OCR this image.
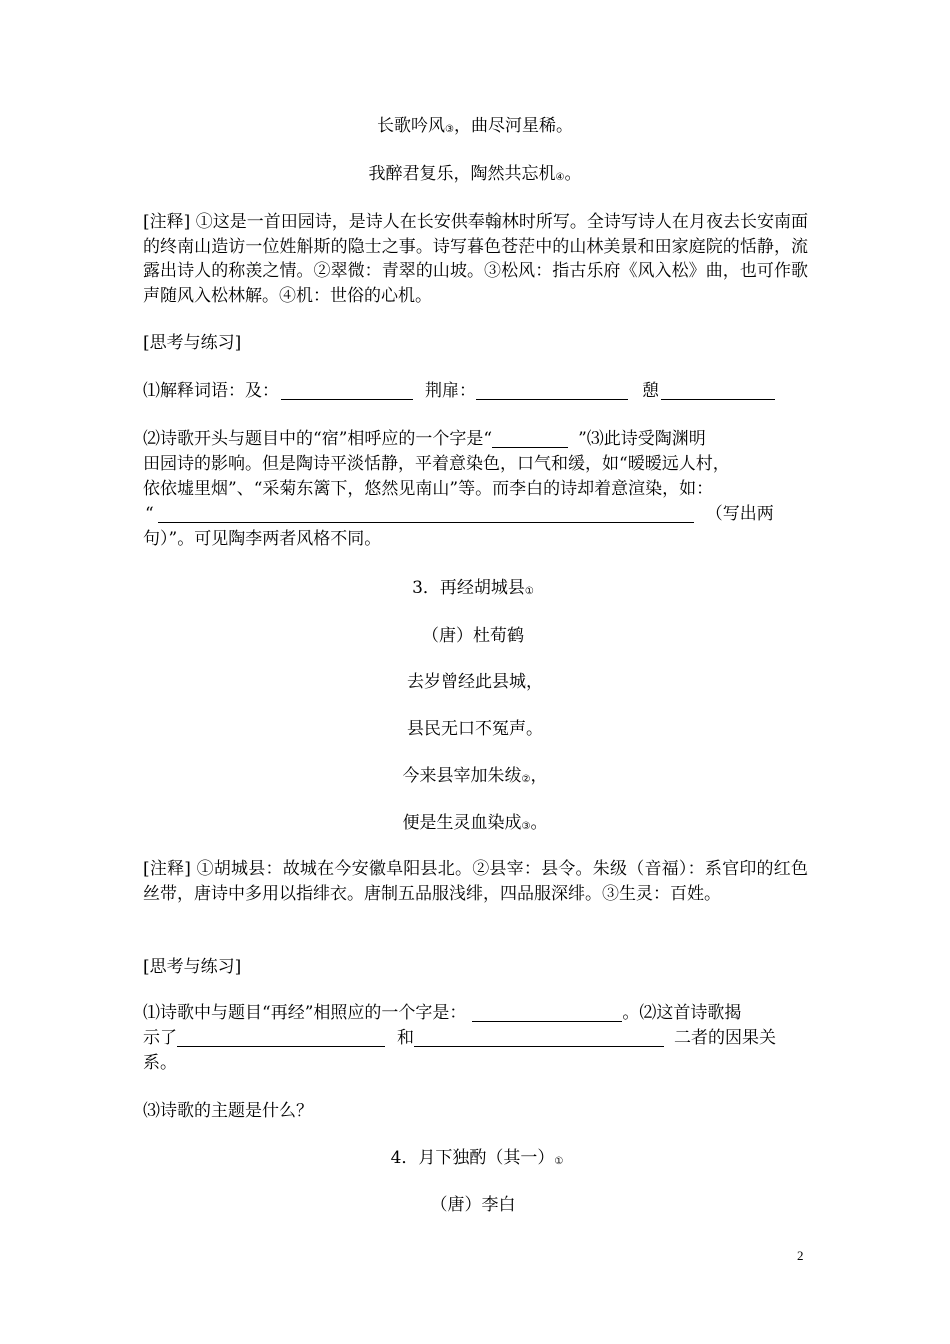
长歌吟风③，曲尽河星稀。
我醉君复乐，陶然共忘机④。
[注释] ①这是一首田园诗，是诗人在长安供奉翰林时所写。全诗写诗人在月夜去长安南面的终南山造访一位姓斛斯的隐士之事。诗写暮色苍茫中的山林美景和田家庭院的恬静，流露出诗人的称羡之情。②翠微：青翠的山坡。③松风：指古乐府《风入松》曲，也可作歌声随风入松林解。④机：世俗的心机。
[思考与练习]
⑴解释词语：及：	荆扉：	憩
⑵诗歌开头与题目中的“宿”相呼应的一个字是“	”⑶此诗受陶渊明
田园诗的影响。但是陶诗平淡恬静，平着意染色，口气和缓，如“暧暧远人村，
依依墟里烟”、“采菊东篱下，悠然见南山”等。而李白的诗却着意渲染，如：
“	（写出两
句）”。可见陶李两者风格不同。
3．再经胡城县①
（唐）杜荀鹤
去岁曾经此县城，
县民无口不冤声。
今来县宰加朱绂②，
便是生灵血染成③。
[注释] ①胡城县：故城在今安徽阜阳县北。②县宰：县令。朱级（音福）：系官印的红色丝带，唐诗中多用以指绯衣。唐制五品服浅绯，四品服深绯。③生灵：百姓。
[思考与练习]
⑴诗歌中与题目“再经”相照应的一个字是：	。⑵这首诗歌揭
示了	和	二者的因果关
系。
⑶诗歌的主题是什么？
4．月下独酌（其一）①
（唐）李白
2
